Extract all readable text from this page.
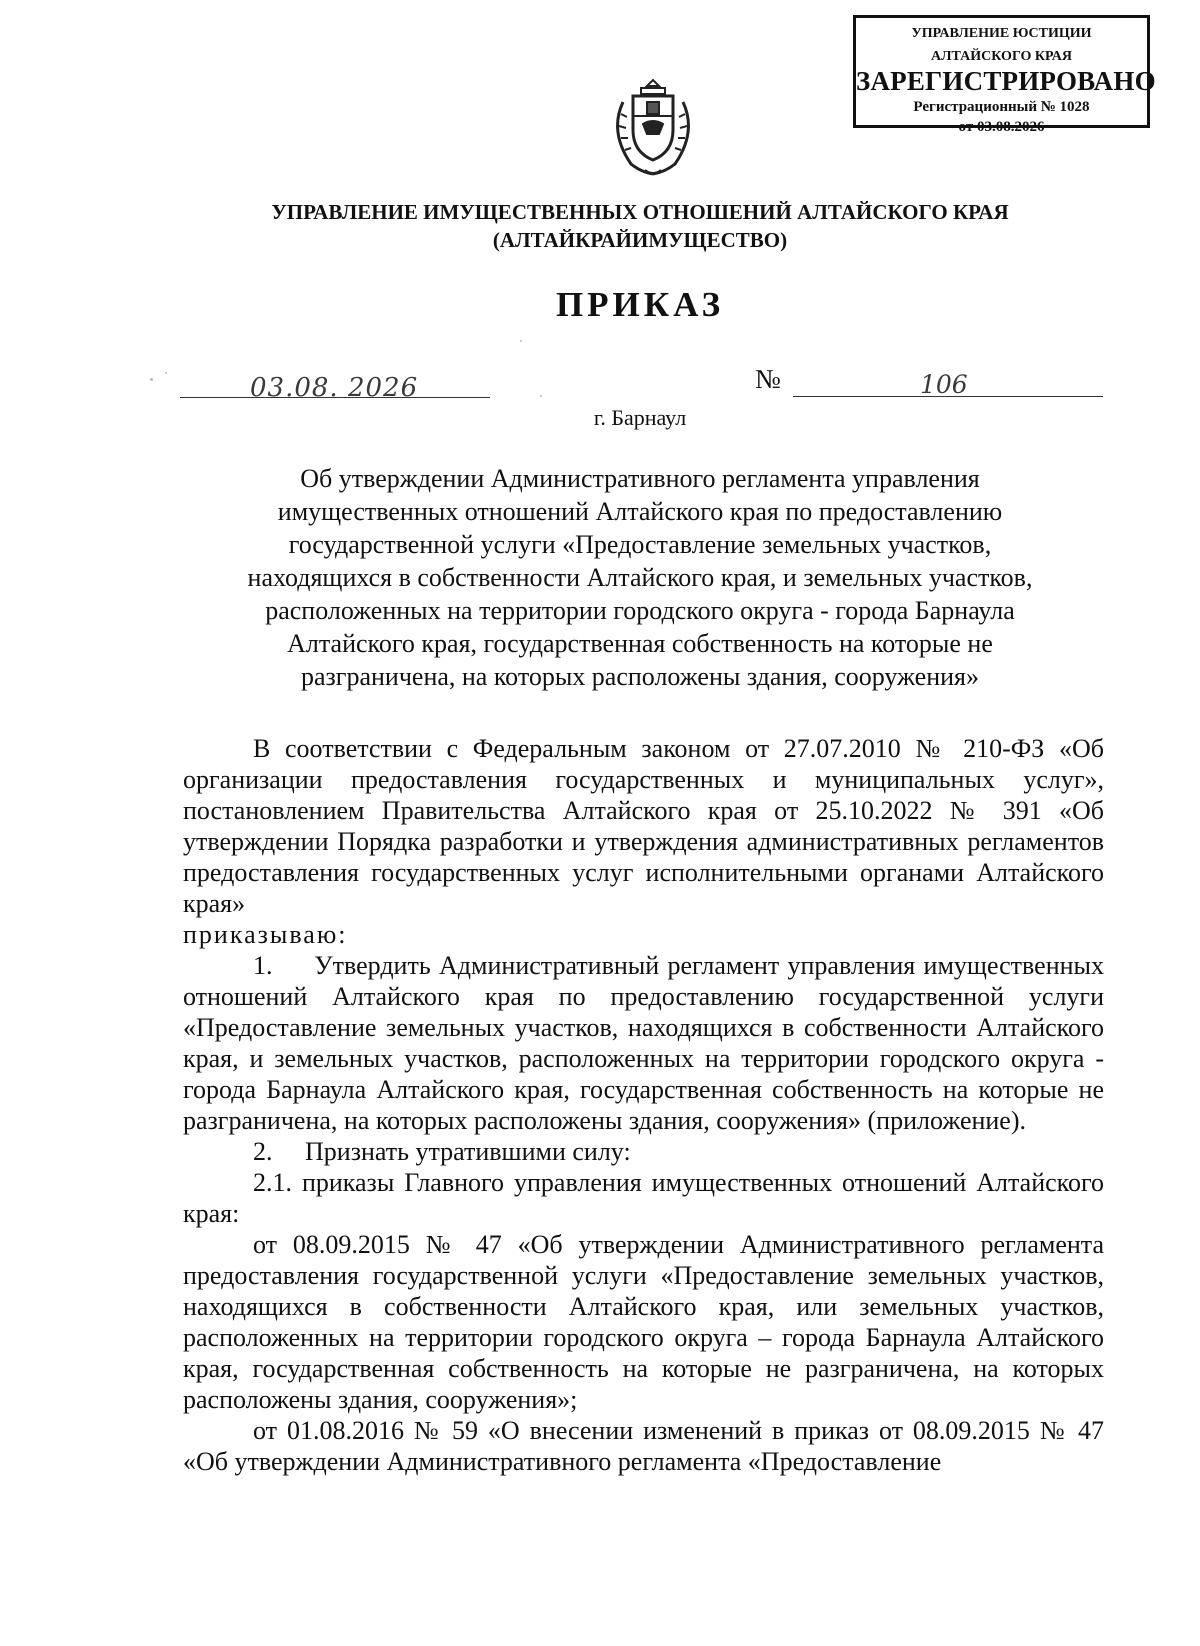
УПРАВЛЕНИЕ ЮСТИЦИИ
АЛТАЙСКОГО КРАЯ
ЗАРЕГИСТРИРОВАНО
Регистрационный № 1028
от 03.08.2026
УПРАВЛЕНИЕ ИМУЩЕСТВЕННЫХ ОТНОШЕНИЙ АЛТАЙСКОГО КРАЯ
(АЛТАЙКРАЙИМУЩЕСТВО)
ПРИКАЗ
03.08. 2026	№	106
г. Барнаул
Об утверждении Административного регламента управления
имущественных отношений Алтайского края по предоставлению
государственной услуги «Предоставление земельных участков,
находящихся в собственности Алтайского края, и земельных участков,
расположенных на территории городского округа - города Барнаула
Алтайского края, государственная собственность на которые не
разграничена, на которых расположены здания, сооружения»

В соответствии с Федеральным законом от 27.07.2010 № 210-ФЗ «Об организации предоставления государственных и муниципальных услуг», постановлением Правительства Алтайского края от 25.10.2022 № 391 «Об утверждении Порядка разработки и утверждения административных регламентов предоставления государственных услуг исполнительными органами Алтайского края»

приказываю:

1.     Утвердить Административный регламент управления имущественных отношений Алтайского края по предоставлению государственной услуги «Предоставление земельных участков, находящихся в собственности Алтайского края, и земельных участков, расположенных на территории городского округа - города Барнаула Алтайского края, государственная собственность на которые не разграничена, на которых расположены здания, сооружения» (приложение).

2.     Признать утратившими силу:

2.1. приказы Главного управления имущественных отношений Алтайского края:

от 08.09.2015 № 47 «Об утверждении Административного регламента предоставления государственной услуги «Предоставление земельных участков, находящихся в собственности Алтайского края, или земельных участков, расположенных на территории городского округа – города Барнаула Алтайского края, государственная собственность на которые не разграничена, на которых расположены здания, сооружения»;

от 01.08.2016 № 59 «О внесении изменений в приказ от 08.09.2015 № 47 «Об утверждении Административного регламента «Предоставление
